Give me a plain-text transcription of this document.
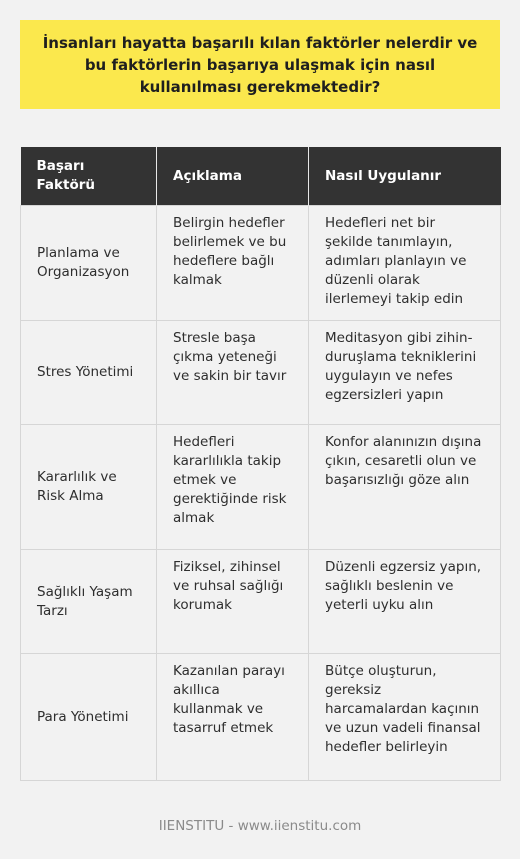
İnsanları hayatta başarılı kılan faktörler nelerdir ve bu faktörlerin başarıya ulaşmak için nasıl kullanılması gerekmektedir?

Başarı Faktörü	Açıklama	Nasıl Uygulanır
Planlama ve Organizasyon	Belirgin hedefler belirlemek ve bu hedeflere bağlı kalmak	Hedefleri net bir şekilde tanımlayın, adımları planlayın ve düzenli olarak ilerlemeyi takip edin
Stres Yönetimi	Stresle başa çıkma yeteneği ve sakin bir tavır	Meditasyon gibi zihin-duruşlama tekniklerini uygulayın ve nefes egzersizleri yapın
Kararlılık ve Risk Alma	Hedefleri kararlılıkla takip etmek ve gerektiğinde risk almak	Konfor alanınızın dışına çıkın, cesaretli olun ve başarısızlığı göze alın
Sağlıklı Yaşam Tarzı	Fiziksel, zihinsel ve ruhsal sağlığı korumak	Düzenli egzersiz yapın, sağlıklı beslenin ve yeterli uyku alın
Para Yönetimi	Kazanılan parayı akıllıca kullanmak ve tasarruf etmek	Bütçe oluşturun, gereksiz harcamalardan kaçının ve uzun vadeli finansal hedefler belirleyin
IIENSTITU - www.iienstitu.com
